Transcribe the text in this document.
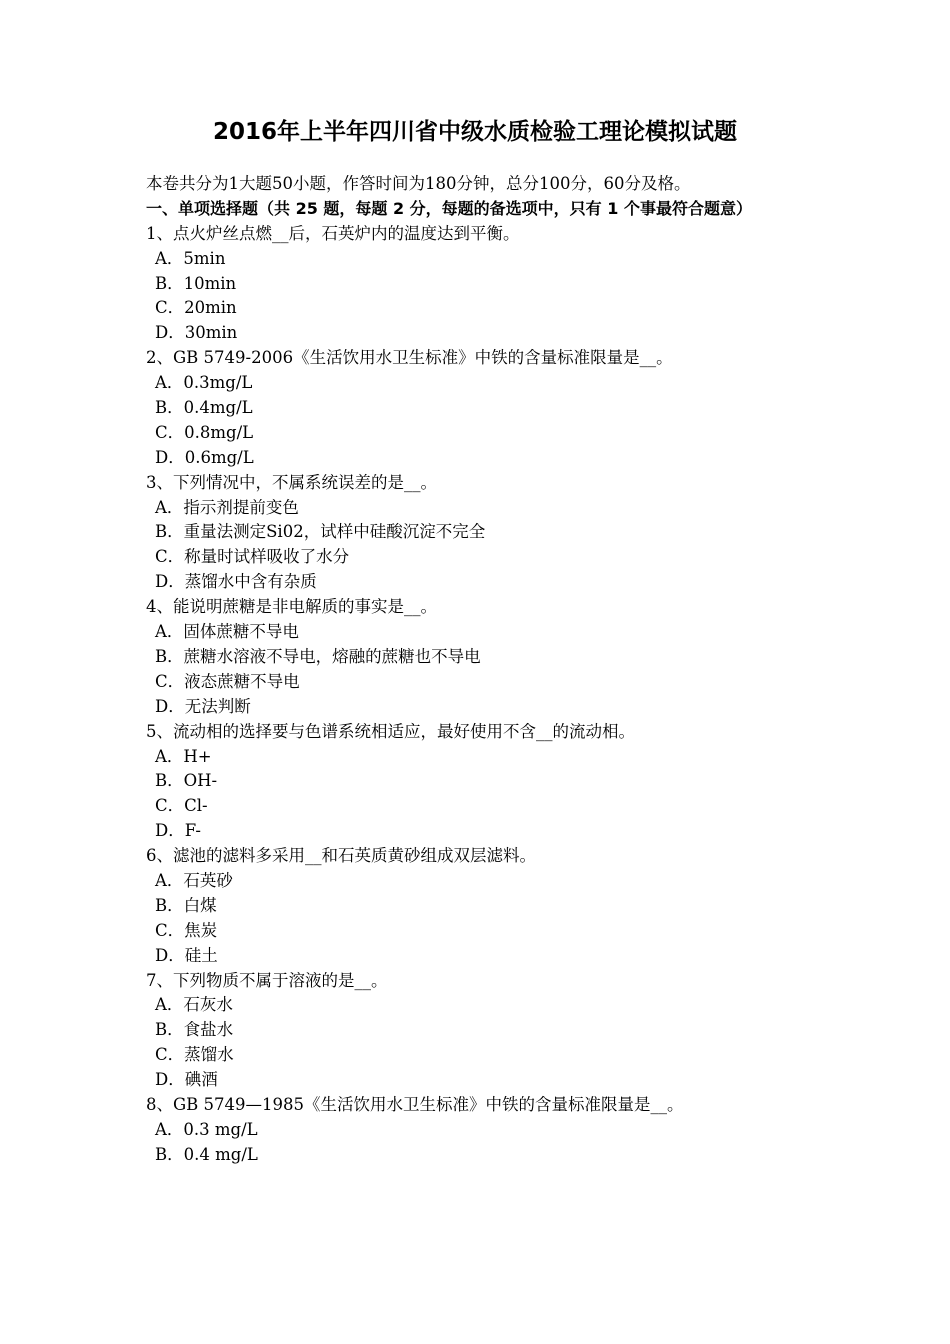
2016年上半年四川省中级水质检验工理论模拟试题
本卷共分为1大题50小题，作答时间为180分钟，总分100分，60分及格。
一、单项选择题（共 25 题，每题 2 分，每题的备选项中，只有 1 个事最符合题意）
1、点火炉丝点燃__后，石英炉内的温度达到平衡。
A．5min
B．10min
C．20min
D．30min
2、GB 5749-2006《生活饮用水卫生标准》中铁的含量标准限量是__。
A．0.3mg/L
B．0.4mg/L
C．0.8mg/L
D．0.6mg/L
3、下列情况中，不属系统误差的是__。
A．指示剂提前变色
B．重量法测定Si02，试样中硅酸沉淀不完全
C．称量时试样吸收了水分
D．蒸馏水中含有杂质
4、能说明蔗糖是非电解质的事实是__。
A．固体蔗糖不导电
B．蔗糖水溶液不导电，熔融的蔗糖也不导电
C．液态蔗糖不导电
D．无法判断
5、流动相的选择要与色谱系统相适应，最好使用不含__的流动相。
A．H+
B．OH-
C．Cl-
D．F-
6、滤池的滤料多采用__和石英质黄砂组成双层滤料。
A．石英砂
B．白煤
C．焦炭
D．硅土
7、下列物质不属于溶液的是__。
A．石灰水
B．食盐水
C．蒸馏水
D．碘酒
8、GB 5749—1985《生活饮用水卫生标准》中铁的含量标准限量是__。
A．0.3 mg/L
B．0.4 mg/L
